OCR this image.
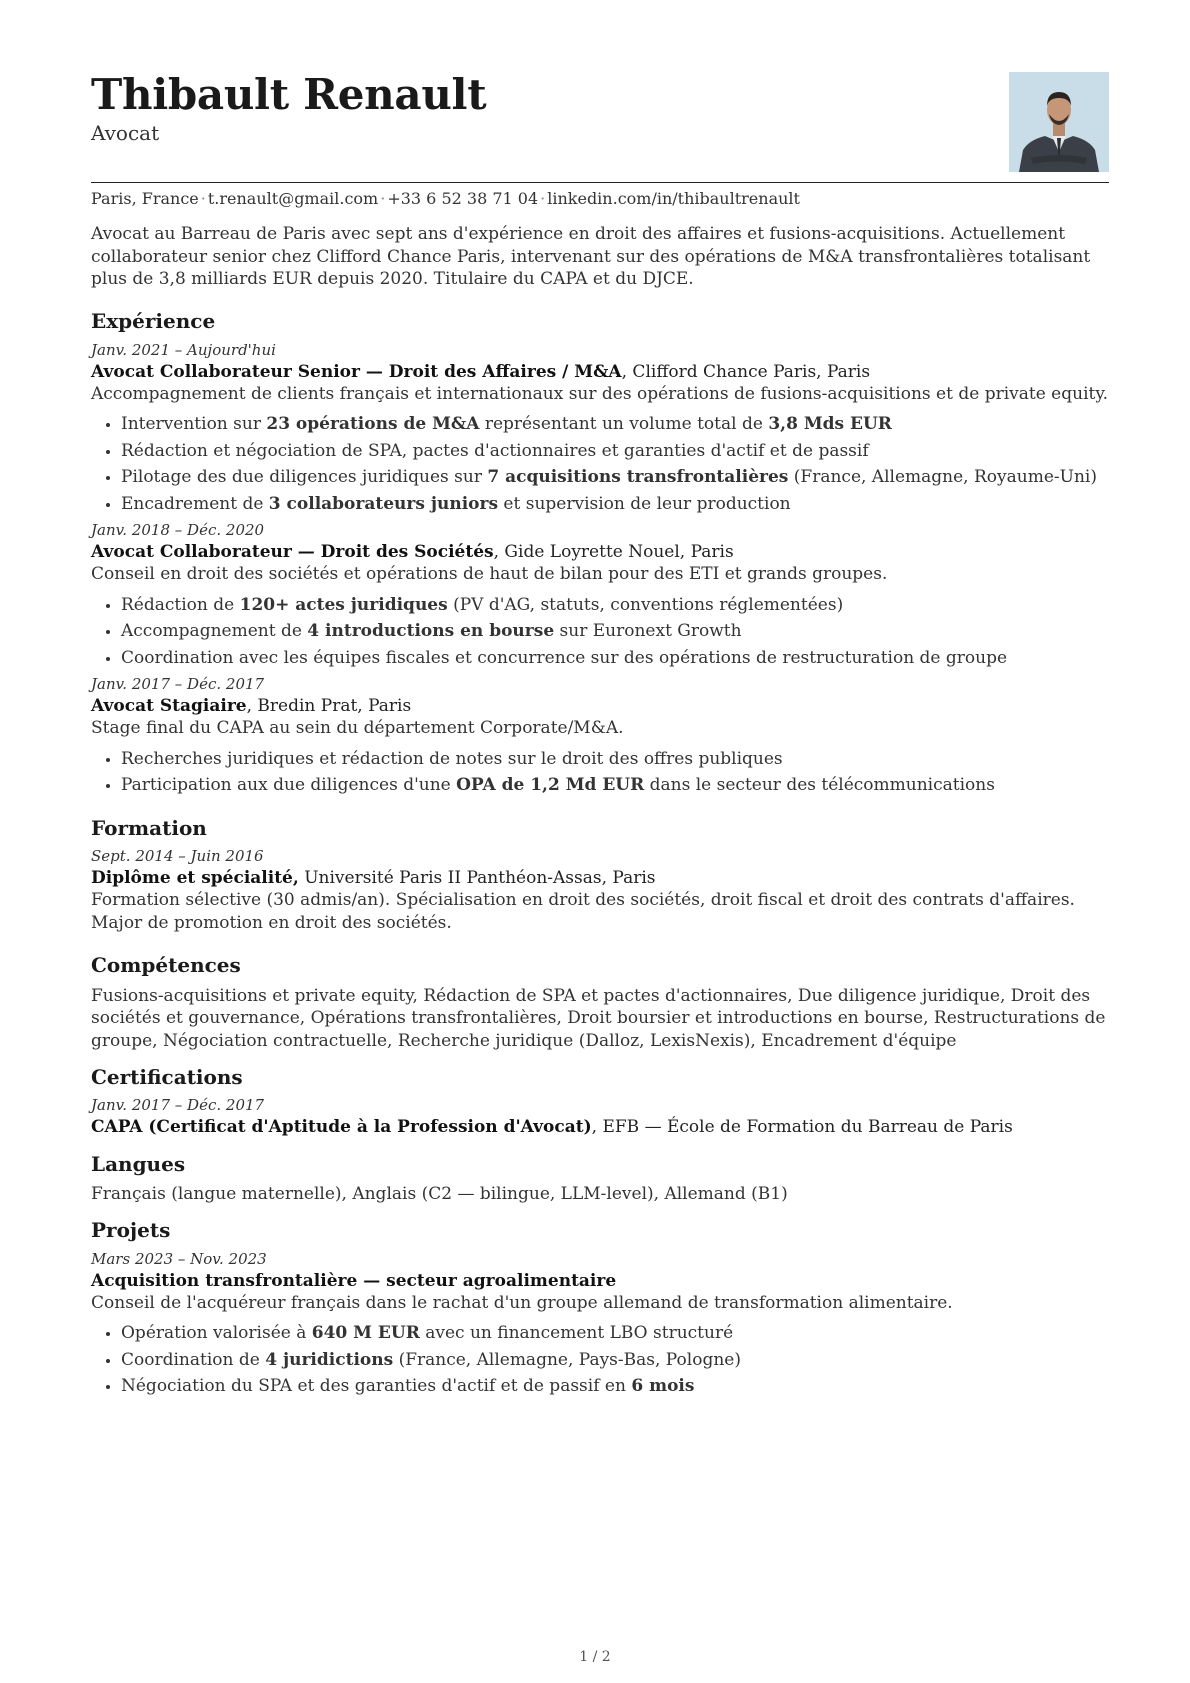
Thibault Renault
Avocat
Paris, France · t.renault@gmail.com · +33 6 52 38 71 04 · linkedin.com/in/thibaultrenault
Avocat au Barreau de Paris avec sept ans d'expérience en droit des affaires et fusions-acquisitions. Actuellement collaborateur senior chez Clifford Chance Paris, intervenant sur des opérations de M&A transfrontalières totalisant plus de 3,8 milliards EUR depuis 2020. Titulaire du CAPA et du DJCE.
Expérience
Janv. 2021 – Aujourd'hui
Avocat Collaborateur Senior — Droit des Affaires / M&A, Clifford Chance Paris, Paris
Accompagnement de clients français et internationaux sur des opérations de fusions-acquisitions et de private equity.
• Intervention sur 23 opérations de M&A représentant un volume total de 3,8 Mds EUR
• Rédaction et négociation de SPA, pactes d'actionnaires et garanties d'actif et de passif
• Pilotage des due diligences juridiques sur 7 acquisitions transfrontalières (France, Allemagne, Royaume-Uni)
• Encadrement de 3 collaborateurs juniors et supervision de leur production
Janv. 2018 – Déc. 2020
Avocat Collaborateur — Droit des Sociétés, Gide Loyrette Nouel, Paris
Conseil en droit des sociétés et opérations de haut de bilan pour des ETI et grands groupes.
• Rédaction de 120+ actes juridiques (PV d'AG, statuts, conventions réglementées)
• Accompagnement de 4 introductions en bourse sur Euronext Growth
• Coordination avec les équipes fiscales et concurrence sur des opérations de restructuration de groupe
Janv. 2017 – Déc. 2017
Avocat Stagiaire, Bredin Prat, Paris
Stage final du CAPA au sein du département Corporate/M&A.
• Recherches juridiques et rédaction de notes sur le droit des offres publiques
• Participation aux due diligences d'une OPA de 1,2 Md EUR dans le secteur des télécommunications
Formation
Sept. 2014 – Juin 2016
Diplôme et spécialité, Université Paris II Panthéon-Assas, Paris
Formation sélective (30 admis/an). Spécialisation en droit des sociétés, droit fiscal et droit des contrats d'affaires. Major de promotion en droit des sociétés.
Compétences
Fusions-acquisitions et private equity, Rédaction de SPA et pactes d'actionnaires, Due diligence juridique, Droit des sociétés et gouvernance, Opérations transfrontalières, Droit boursier et introductions en bourse, Restructurations de groupe, Négociation contractuelle, Recherche juridique (Dalloz, LexisNexis), Encadrement d'équipe
Certifications
Janv. 2017 – Déc. 2017
CAPA (Certificat d'Aptitude à la Profession d'Avocat), EFB — École de Formation du Barreau de Paris
Langues
Français (langue maternelle), Anglais (C2 — bilingue, LLM-level), Allemand (B1)
Projets
Mars 2023 – Nov. 2023
Acquisition transfrontalière — secteur agroalimentaire
Conseil de l'acquéreur français dans le rachat d'un groupe allemand de transformation alimentaire.
• Opération valorisée à 640 M EUR avec un financement LBO structuré
• Coordination de 4 juridictions (France, Allemagne, Pays-Bas, Pologne)
• Négociation du SPA et des garanties d'actif et de passif en 6 mois
1 / 2
